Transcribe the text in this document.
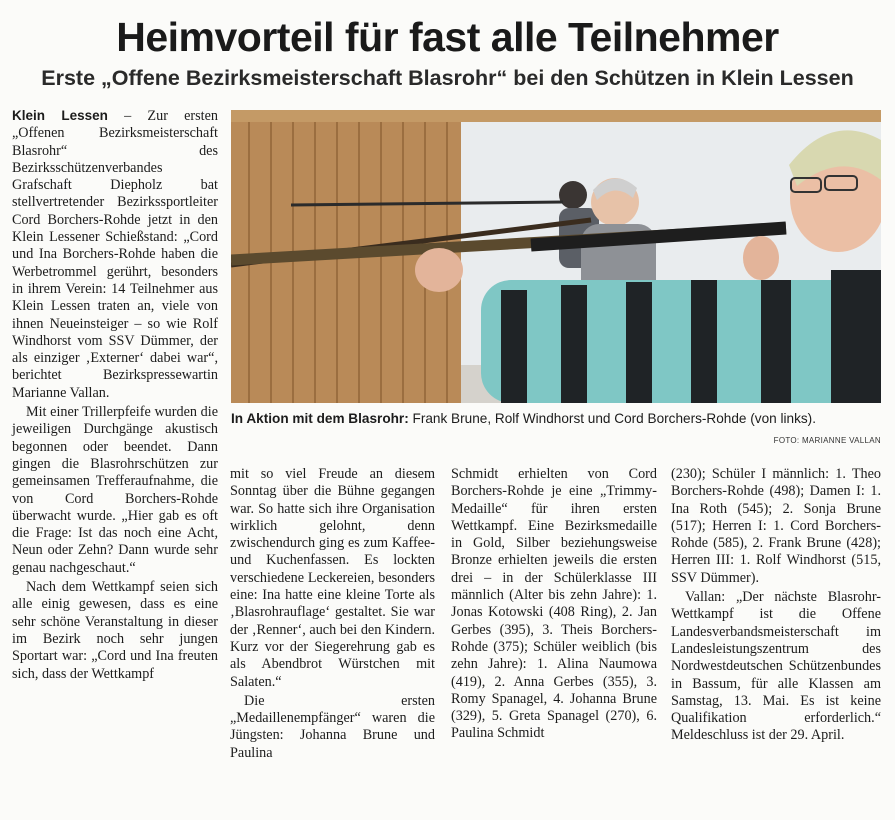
Heimvorteil für fast alle Teilnehmer
Erste „Offene Bezirksmeisterschaft Blasrohr“ bei den Schützen in Klein Lessen

Klein Lessen – Zur ersten „Offenen Bezirksmeisterschaft Blasrohr“ des Bezirksschützenverbandes Grafschaft Diepholz bat stellvertretender Bezirkssportleiter Cord Borchers-Rohde jetzt in den Klein Lessener Schießstand: „Cord und Ina Borchers-Rohde haben die Werbetrommel gerührt, besonders in ihrem Verein: 14 Teilnehmer aus Klein Lessen traten an, viele von ihnen Neueinsteiger – so wie Rolf Windhorst vom SSV Dümmer, der als einziger ‚Externer‘ dabei war“, berichtet Bezirkspressewartin Marianne Vallan.

Mit einer Trillerpfeife wurden die jeweiligen Durchgänge akustisch begonnen oder beendet. Dann gingen die Blasrohrschützen zur gemeinsamen Trefferaufnahme, die von Cord Borchers-Rohde überwacht wurde. „Hier gab es oft die Frage: Ist das noch eine Acht, Neun oder Zehn? Dann wurde sehr genau nachgeschaut.“

Nach dem Wettkampf seien sich alle einig gewesen, dass es eine sehr schöne Veranstaltung in dieser im Bezirk noch sehr jungen Sportart war: „Cord und Ina freuten sich, dass der Wettkampf

In Aktion mit dem Blasrohr: Frank Brune, Rolf Windhorst und Cord Borchers-Rohde (von links).
FOTO: MARIANNE VALLAN

mit so viel Freude an diesem Sonntag über die Bühne gegangen war. So hatte sich ihre Organisation wirklich gelohnt, denn zwischendurch ging es zum Kaffee- und Kuchenfassen. Es lockten verschiedene Leckereien, besonders eine: Ina hatte eine kleine Torte als ‚Blasrohrauflage‘ gestaltet. Sie war der ‚Renner‘, auch bei den Kindern. Kurz vor der Siegerehrung gab es als Abendbrot Würstchen mit Salaten.“

Die ersten „Medaillenempfänger“ waren die Jüngsten: Johanna Brune und Paulina

Schmidt erhielten von Cord Borchers-Rohde je eine „Trimmy-Medaille“ für ihren ersten Wettkampf. Eine Bezirksmedaille in Gold, Silber beziehungsweise Bronze erhielten jeweils die ersten drei – in der Schülerklasse III männlich (Alter bis zehn Jahre): 1. Jonas Kotowski (408 Ring), 2. Jan Gerbes (395), 3. Theis Borchers-Rohde (375); Schüler weiblich (bis zehn Jahre): 1. Alina Naumowa (419), 2. Anna Gerbes (355), 3. Romy Spanagel, 4. Johanna Brune (329), 5. Greta Spanagel (270), 6. Paulina Schmidt

(230); Schüler I männlich: 1. Theo Borchers-Rohde (498); Damen I: 1. Ina Roth (545); 2. Sonja Brune (517); Herren I: 1. Cord Borchers-Rohde (585), 2. Frank Brune (428); Herren III: 1. Rolf Windhorst (515, SSV Dümmer).

Vallan: „Der nächste Blasrohr-Wettkampf ist die Offene Landesverbandsmeisterschaft im Landesleistungszentrum des Nordwestdeutschen Schützenbundes in Bassum, für alle Klassen am Samstag, 13. Mai. Es ist keine Qualifikation erforderlich.“ Meldeschluss ist der 29. April.
